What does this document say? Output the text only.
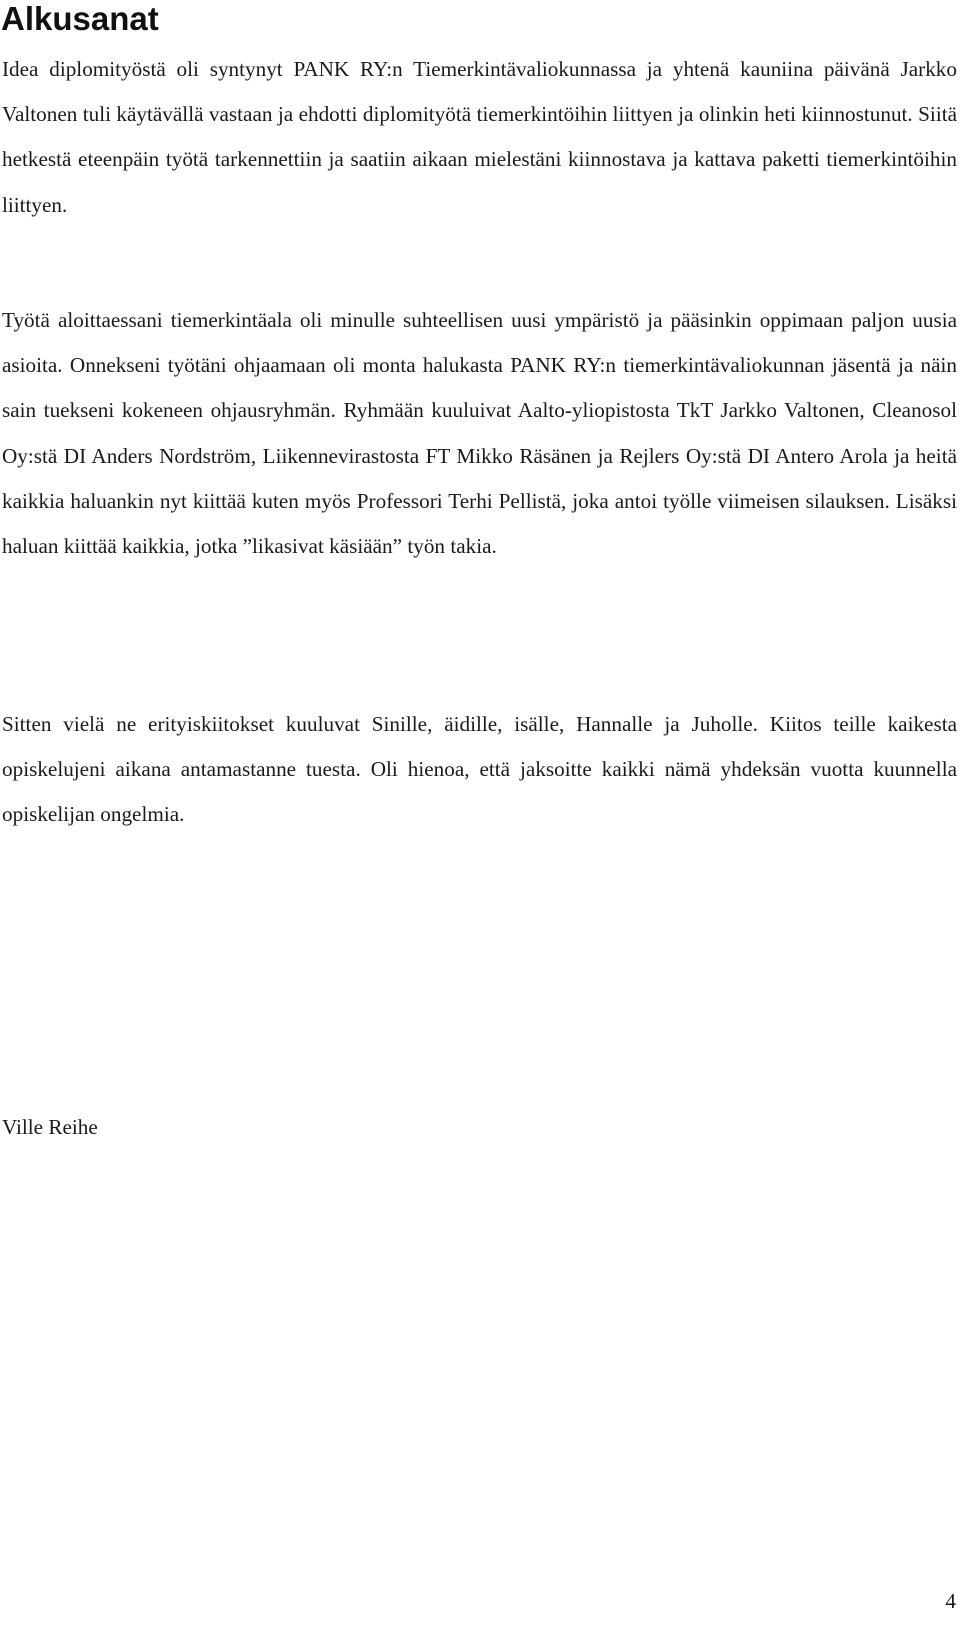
Alkusanat

Idea diplomityöstä oli syntynyt PANK RY:n Tiemerkintävaliokunnassa ja yhtenä kauniina päivänä Jarkko Valtonen tuli käytävällä vastaan ja ehdotti diplomityötä tiemerkintöihin liittyen ja olinkin heti kiinnostunut. Siitä hetkestä eteenpäin työtä tarkennettiin ja saatiin aikaan mielestäni kiinnostava ja kattava paketti tiemerkintöihin liittyen.

Työtä aloittaessani tiemerkintäala oli minulle suhteellisen uusi ympäristö ja pääsinkin oppimaan paljon uusia asioita. Onnekseni työtäni ohjaamaan oli monta halukasta PANK RY:n tiemerkintävaliokunnan jäsentä ja näin sain tuekseni kokeneen ohjausryhmän. Ryhmään kuuluivat Aalto-yliopistosta TkT Jarkko Valtonen, Cleanosol Oy:stä DI Anders Nordström, Liikennevirastosta FT Mikko Räsänen ja Rejlers Oy:stä DI Antero Arola ja heitä kaikkia haluankin nyt kiittää kuten myös Professori Terhi Pellistä, joka antoi työlle viimeisen silauksen. Lisäksi haluan kiittää kaikkia, jotka ”likasivat käsiään” työn takia.

Sitten vielä ne erityiskiitokset kuuluvat Sinille, äidille, isälle, Hannalle ja Juholle. Kiitos teille kaikesta opiskelujeni aikana antamastanne tuesta. Oli hienoa, että jaksoitte kaikki nämä yhdeksän vuotta kuunnella opiskelijan ongelmia.

Ville Reihe

4
